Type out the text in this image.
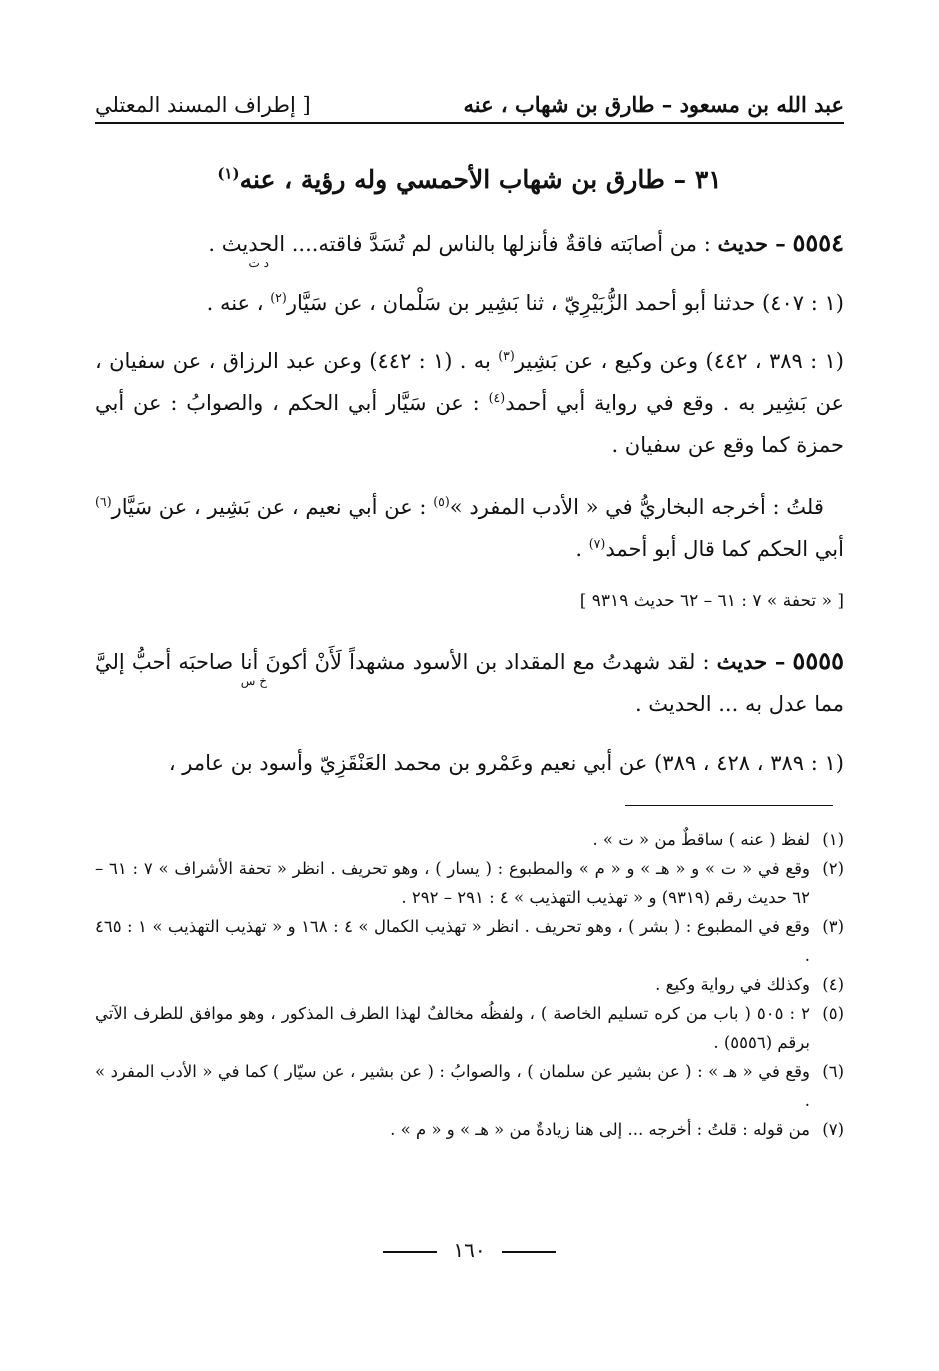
عبد الله بن مسعود – طارق بن شهاب ، عنه
[ إطراف المسند المعتلي
٣١ – طارق بن شهاب الأحمسي وله رؤية ، عنه$^{(١)}$
٥٥٥٤ – حديث : من أصابَته فاقةٌ فأنزلها بالناس لم تُسَدَّ فاقته.... الحديث .
د ت
(١ : ٤٠٧) حدثنا أبو أحمد الزُّبَيْرِيّ ، ثنا بَشِير بن سَلْمان ، عن سَيَّار$^{(٢)}$ ، عنه .
(١ : ٣٨٩ ، ٤٤٢) وعن وكيع ، عن بَشِير$^{(٣)}$ به . (١ : ٤٤٢) وعن عبد الرزاق ، عن سفيان ، عن بَشِير به . وقع في رواية أبي أحمد$^{(٤)}$ : عن سَيَّار أبي الحكم ، والصوابُ : عن أبي حمزة كما وقع عن سفيان .
قلتُ : أخرجه البخاريُّ في « الأدب المفرد »$^{(٥)}$ : عن أبي نعيم ، عن بَشِير ، عن سَيَّار$^{(٦)}$ أبي الحكم كما قال أبو أحمد$^{(٧)}$ .
[ « تحفة » ٧ : ٦١ – ٦٢ حديث ٩٣١٩ ]
٥٥٥٥ – حديث : لقد شهدتُ مع المقداد بن الأسود مشهداً لَأَنْ أكونَ أنا صاحبَه أحبُّ إليَّ مما عدل به ... الحديث .
خ س
(١ : ٣٨٩ ، ٤٢٨ ، ٣٨٩) عن أبي نعيم وعَمْرو بن محمد العَنْقَزِيّ وأسود بن عامر ،
(١)
لفظ ( عنه ) ساقطٌ من « ت » .
(٢)
وقع في « ت » و « هـ » و « م » والمطبوع : ( يسار ) ، وهو تحريف . انظر « تحفة الأشراف » ٧ : ٦١ – ٦٢ حديث رقم (٩٣١٩) و « تهذيب التهذيب » ٤ : ٢٩١ – ٢٩٢ .
(٣)
وقع في المطبوع : ( بشر ) ، وهو تحريف . انظر « تهذيب الكمال » ٤ : ١٦٨ و « تهذيب التهذيب » ١ : ٤٦٥ .
(٤)
وكذلك في رواية وكيع .
(٥)
٢ : ٥٠٥ ( باب من كره تسليم الخاصة ) ، ولفظُه مخالفٌ لهذا الطرف المذكور ، وهو موافق للطرف الآتي برقم (٥٥٥٦) .
(٦)
وقع في « هـ » : ( عن بشير عن سلمان ) ، والصوابُ : ( عن بشير ، عن سيّار ) كما في « الأدب المفرد » .
(٧)
من قوله : قلتُ : أخرجه ... إلى هنا زيادةٌ من « هـ » و « م » .
١٦٠
